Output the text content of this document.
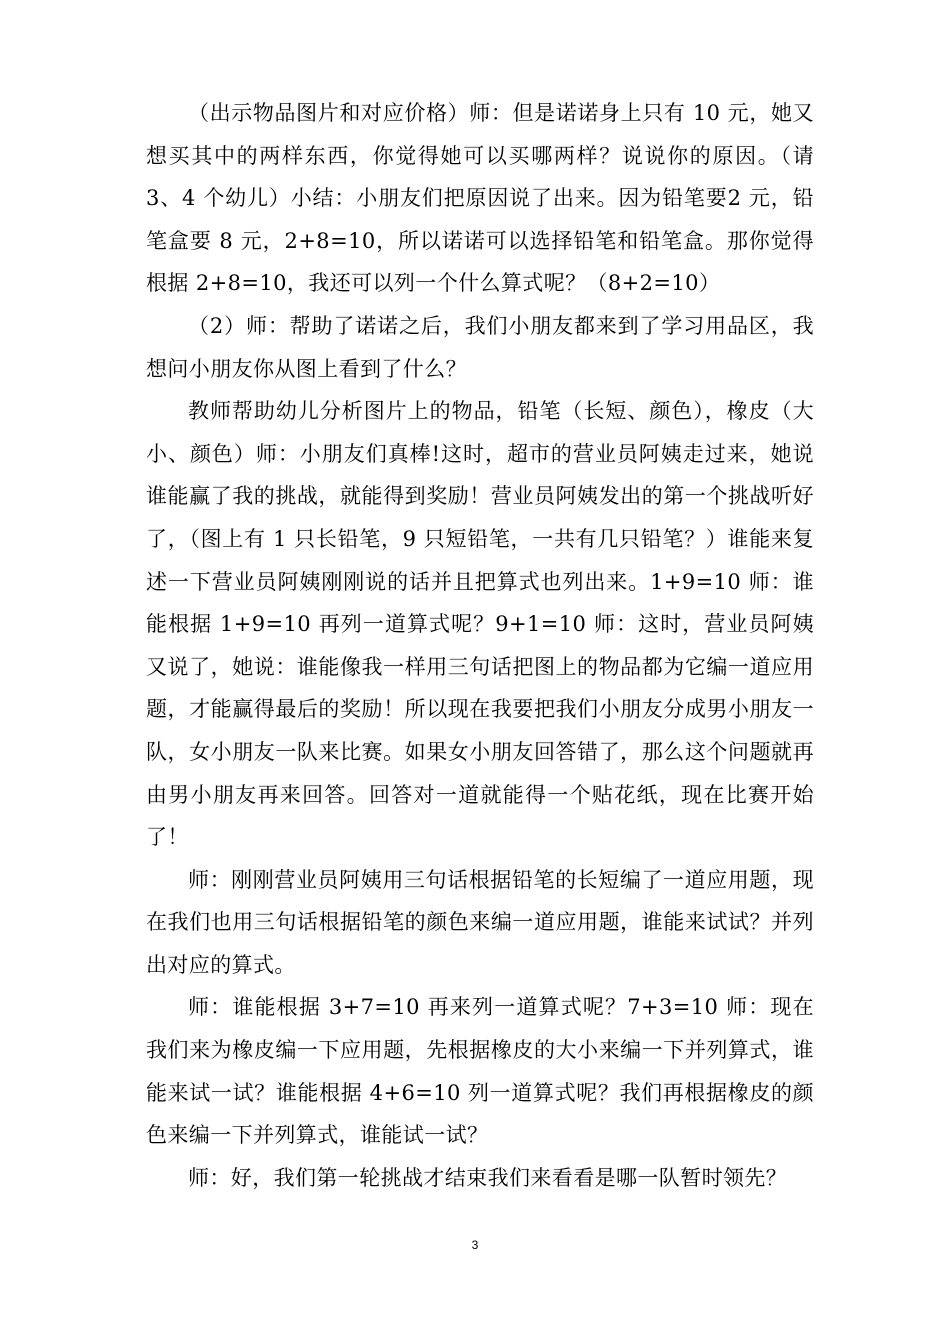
（出示物品图片和对应价格）师：但是诺诺身上只有 10 元，她又想买其中的两样东西，你觉得她可以买哪两样？说说你的原因。（请 3、4 个幼儿）小结：小朋友们把原因说了出来。因为铅笔要2 元，铅笔盒要 8 元，2+8=10，所以诺诺可以选择铅笔和铅笔盒。那你觉得根据 2+8=10，我还可以列一个什么算式呢？（8+2=10）

（2）师：帮助了诺诺之后，我们小朋友都来到了学习用品区，我想问小朋友你从图上看到了什么？

教师帮助幼儿分析图片上的物品，铅笔（长短、颜色），橡皮（大小、颜色）师：小朋友们真棒!这时，超市的营业员阿姨走过来，她说谁能赢了我的挑战，就能得到奖励！营业员阿姨发出的第一个挑战听好了，（图上有 1 只长铅笔，9 只短铅笔，一共有几只铅笔？）谁能来复述一下营业员阿姨刚刚说的话并且把算式也列出来。1+9=10 师：谁能根据 1+9=10 再列一道算式呢？9+1=10 师：这时，营业员阿姨又说了，她说：谁能像我一样用三句话把图上的物品都为它编一道应用题，才能赢得最后的奖励！所以现在我要把我们小朋友分成男小朋友一队，女小朋友一队来比赛。如果女小朋友回答错了，那么这个问题就再由男小朋友再来回答。回答对一道就能得一个贴花纸，现在比赛开始了！

师：刚刚营业员阿姨用三句话根据铅笔的长短编了一道应用题，现在我们也用三句话根据铅笔的颜色来编一道应用题，谁能来试试？并列出对应的算式。

师：谁能根据 3+7=10 再来列一道算式呢？7+3=10 师：现在我们来为橡皮编一下应用题，先根据橡皮的大小来编一下并列算式，谁能来试一试？谁能根据 4+6=10 列一道算式呢？我们再根据橡皮的颜色来编一下并列算式，谁能试一试？

师：好，我们第一轮挑战才结束我们来看看是哪一队暂时领先？

3
